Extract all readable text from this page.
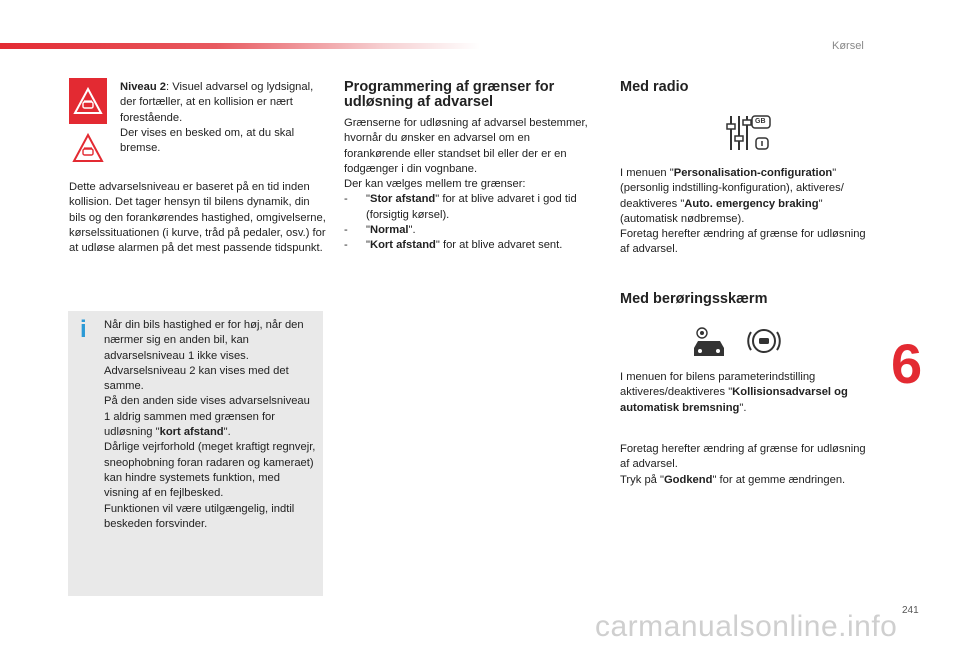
Kørsel
Niveau 2: Visuel advarsel og lydsignal, der fortæller, at en kollision er nært forestående.
Der vises en besked om, at du skal bremse.
Dette advarselsniveau er baseret på en tid inden kollision. Det tager hensyn til bilens dynamik, din bils og den forankørendes hastighed, omgivelserne, kørselssituationen (i kurve, tråd på pedaler, osv.) for at udløse alarmen på det mest passende tidspunkt.
i Når din bils hastighed er for høj, når den nærmer sig en anden bil, kan advarselsniveau 1 ikke vises.
Advarselsniveau 2 kan vises med det samme.
På den anden side vises advarselsniveau 1 aldrig sammen med grænsen for udløsning "kort afstand".
Dårlige vejrforhold (meget kraftigt regnvejr, sneophobning foran radaren og kameraet) kan hindre systemets funktion, med visning af en fejlbesked.
Funktionen vil være utilgængelig, indtil beskeden forsvinder.
Programmering af grænser for udløsning af advarsel
Grænserne for udløsning af advarsel bestemmer, hvornår du ønsker en advarsel om en forankørende eller standset bil eller der er en fodgænger i din vognbane.
Der kan vælges mellem tre grænser:
-	"Stor afstand" for at blive advaret i god tid (forsigtig kørsel).
-	"Normal".
-	"Kort afstand" for at blive advaret sent.
Med radio
GB
I menuen "Personalisation-configuration" (personlig indstilling-konfiguration), aktiveres/ deaktiveres "Auto. emergency braking" (automatisk nødbremse).
Foretag herefter ændring af grænse for udløsning af advarsel.
Med berøringsskærm
I menuen for bilens parameterindstilling aktiveres/deaktiveres "Kollisionsadvarsel og automatisk bremsning".
Foretag herefter ændring af grænse for udløsning af advarsel.
Tryk på "Godkend" for at gemme ændringen.
6
241
carmanualsonline.info
